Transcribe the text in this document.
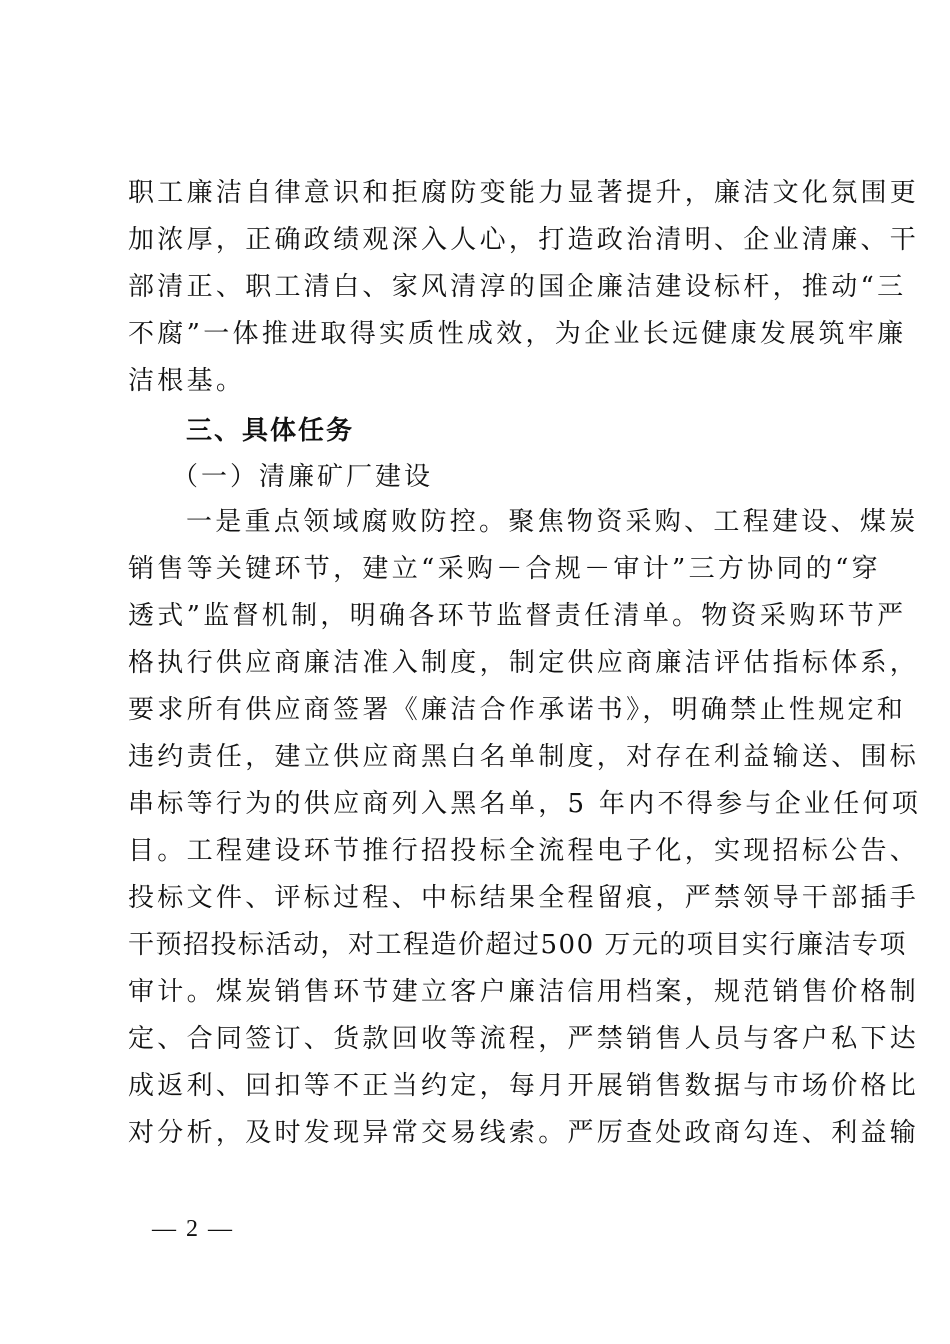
职工廉洁自律意识和拒腐防变能力显著提升，廉洁文化氛围更
加浓厚，正确政绩观深入人心，打造政治清明、企业清廉、干
部清正、职工清白、家风清淳的国企廉洁建设标杆，推动“三
不腐”一体推进取得实质性成效，为企业长远健康发展筑牢廉
洁根基。
三、具体任务
（一）清廉矿厂建设
一是重点领域腐败防控。聚焦物资采购、工程建设、煤炭
销售等关键环节，建立“采购－合规－审计”三方协同的“穿
透式”监督机制，明确各环节监督责任清单。物资采购环节严
格执行供应商廉洁准入制度，制定供应商廉洁评估指标体系，
要求所有供应商签署《廉洁合作承诺书》，明确禁止性规定和
违约责任，建立供应商黑白名单制度，对存在利益输送、围标
串标等行为的供应商列入黑名单，5 年内不得参与企业任何项
目。工程建设环节推行招投标全流程电子化，实现招标公告、
投标文件、评标过程、中标结果全程留痕，严禁领导干部插手
干预招投标活动，对工程造价超过500 万元的项目实行廉洁专项
审计。煤炭销售环节建立客户廉洁信用档案，规范销售价格制
定、合同签订、货款回收等流程，严禁销售人员与客户私下达
成返利、回扣等不正当约定，每月开展销售数据与市场价格比
对分析，及时发现异常交易线索。严厉查处政商勾连、利益输
— 2 —
